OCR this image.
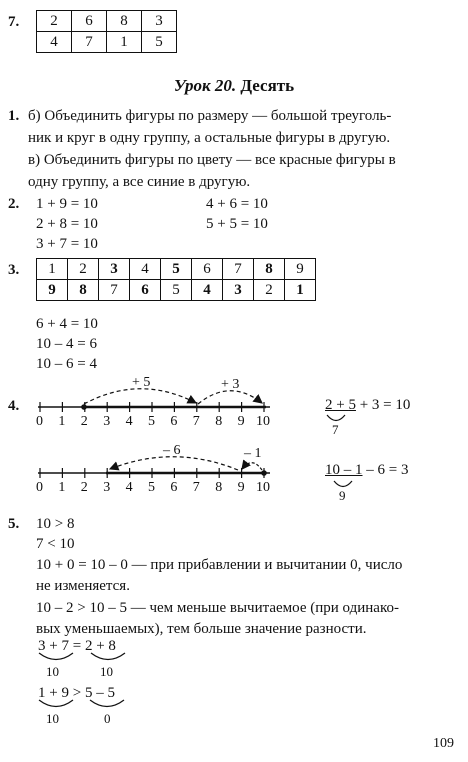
7. 2	6	8	3
4	7	1	5
Урок 20. Десять
1. б) Объединить фигуры по размеру — большой треуголь-
ник и круг в одну группу, а остальные фигуры в другую.
в) Объединить фигуры по цвету — все красные фигуры в
одну группу, а все синие в другую.
2. 1 + 9 = 10	4 + 6 = 10
2 + 8 = 10	5 + 5 = 10
3 + 7 = 10
3. 1	2	3	4	5	6	7	8	9
9	8	7	6	5	4	3	2	1
6 + 4 = 10
10 – 4 = 6
10 – 6 = 4
4.
0 1 2 3 4 5 6 7 8 9 10
0 1 2 3 4 5 6 7 8 9 10
+ 5	+ 3
– 6	– 1
2 + 5 + 3 = 10
7
10 – 1 – 6 = 3
9
5. 10 > 8
7 < 10
10 + 0 = 10 – 0 — при прибавлении и вычитании 0, число
не изменяется.
10 – 2 > 10 – 5 — чем меньше вычитаемое (при одинако-
вых уменьшаемых), тем больше значение разности.
3 + 7 = 2 + 8
10	10
1 + 9 > 5 – 5
10	0
109
